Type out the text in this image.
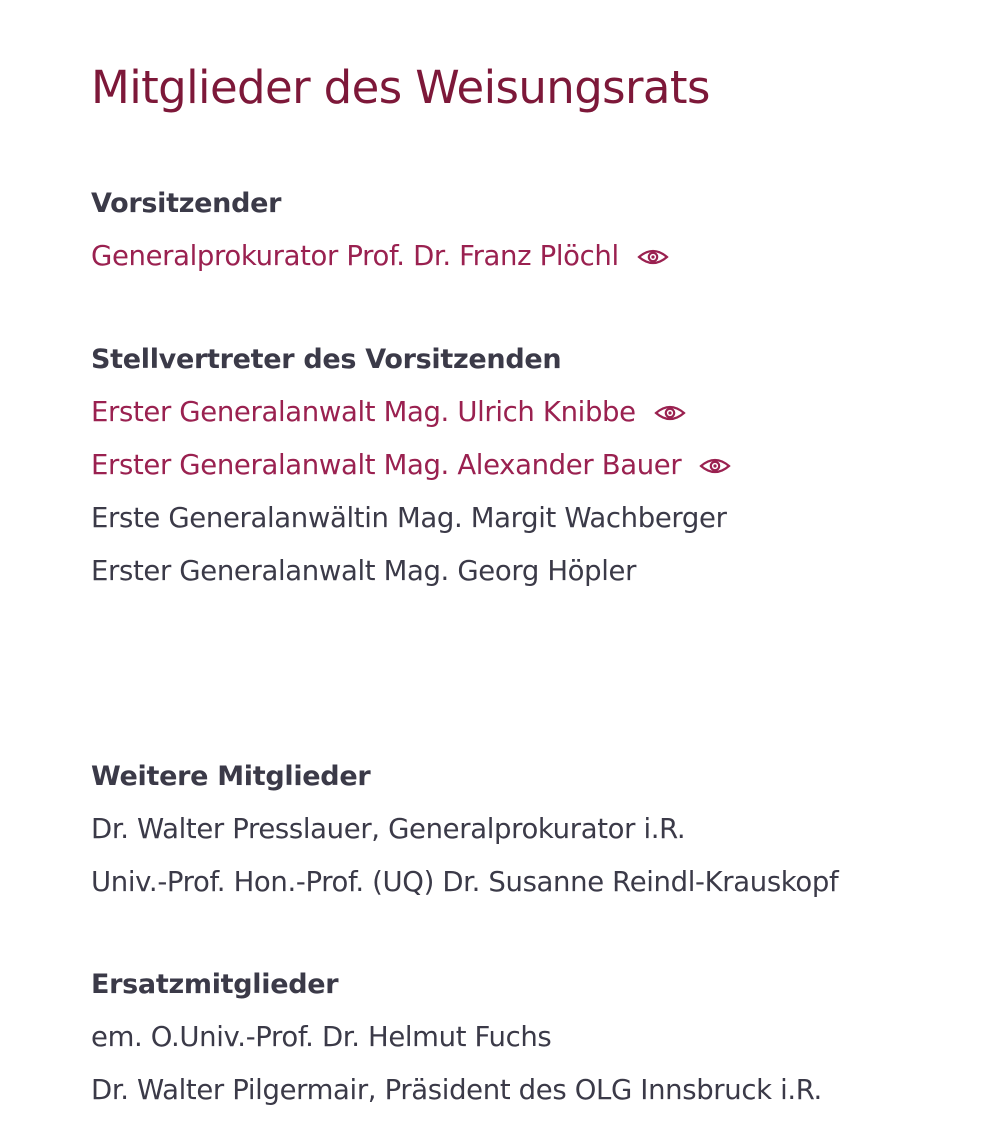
Mitglieder des Weisungsrats
Vorsitzender
Generalprokurator Prof. Dr. Franz Plöchl
Stellvertreter des Vorsitzenden
Erster Generalanwalt Mag. Ulrich Knibbe
Erster Generalanwalt Mag. Alexander Bauer
Erste Generalanwältin Mag. Margit Wachberger
Erster Generalanwalt Mag. Georg Höpler
Weitere Mitglieder
Dr. Walter Presslauer, Generalprokurator i.R.
Univ.-Prof. Hon.-Prof. (UQ) Dr. Susanne Reindl-Krauskopf
Ersatzmitglieder
em. O.Univ.-Prof. Dr. Helmut Fuchs
Dr. Walter Pilgermair, Präsident des OLG Innsbruck i.R.
